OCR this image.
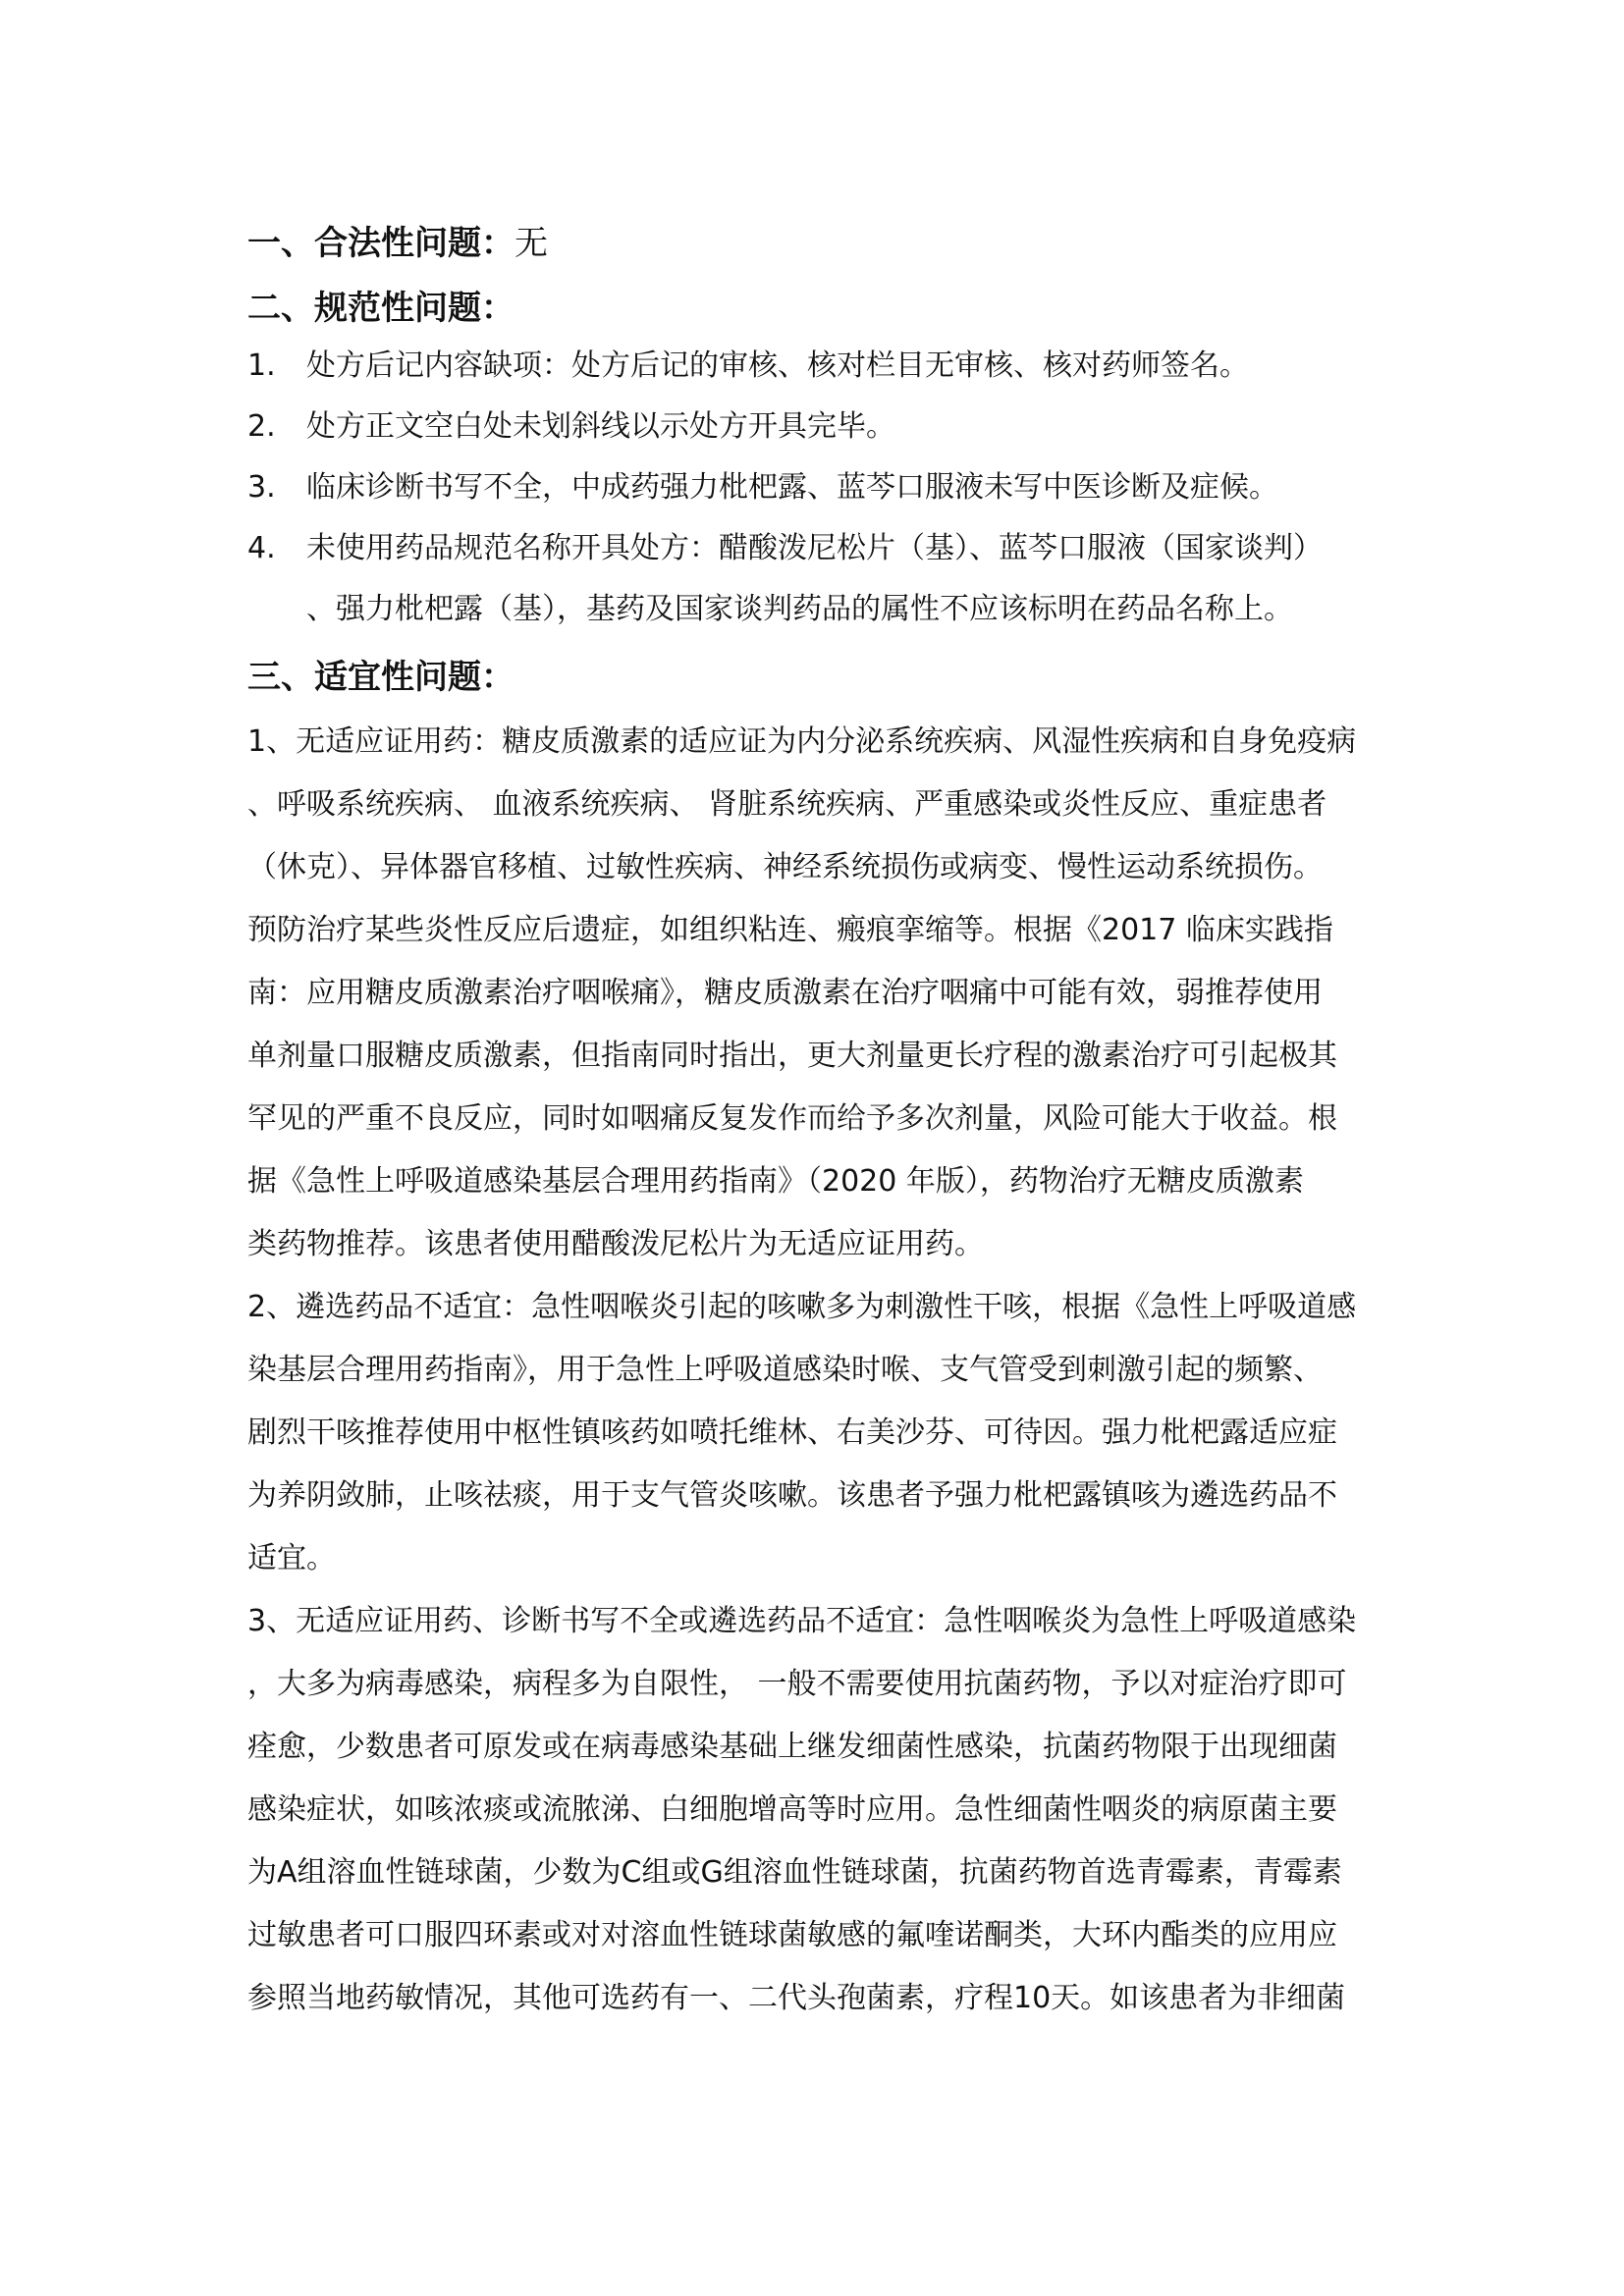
一、合法性问题：无
二、规范性问题：
1. 处方后记内容缺项：处方后记的审核、核对栏目无审核、核对药师签名。
2. 处方正文空白处未划斜线以示处方开具完毕。
3. 临床诊断书写不全，中成药强力枇杷露、蓝芩口服液未写中医诊断及症候。
4. 未使用药品规范名称开具处方：醋酸泼尼松片（基）、蓝芩口服液（国家谈判）
、强力枇杷露（基），基药及国家谈判药品的属性不应该标明在药品名称上。
三、适宜性问题：

1、无适应证用药：糖皮质激素的适应证为内分泌系统疾病、风湿性疾病和自身免疫病
、呼吸系统疾病、 血液系统疾病、 肾脏系统疾病、严重感染或炎性反应、重症患者
（休克）、异体器官移植、过敏性疾病、神经系统损伤或病变、慢性运动系统损伤。
预防治疗某些炎性反应后遗症，如组织粘连、瘢痕挛缩等。根据《2017 临床实践指
南：应用糖皮质激素治疗咽喉痛》，糖皮质激素在治疗咽痛中可能有效，弱推荐使用
单剂量口服糖皮质激素，但指南同时指出，更大剂量更长疗程的激素治疗可引起极其
罕见的严重不良反应，同时如咽痛反复发作而给予多次剂量，风险可能大于收益。根
据《急性上呼吸道感染基层合理用药指南》（2020 年版），药物治疗无糖皮质激素
类药物推荐。该患者使用醋酸泼尼松片为无适应证用药。

2、遴选药品不适宜：急性咽喉炎引起的咳嗽多为刺激性干咳，根据《急性上呼吸道感
染基层合理用药指南》，用于急性上呼吸道感染时喉、支气管受到刺激引起的频繁、
剧烈干咳推荐使用中枢性镇咳药如喷托维林、右美沙芬、可待因。强力枇杷露适应症
为养阴敛肺，止咳祛痰，用于支气管炎咳嗽。该患者予强力枇杷露镇咳为遴选药品不
适宜。

3、无适应证用药、诊断书写不全或遴选药品不适宜：急性咽喉炎为急性上呼吸道感染
，大多为病毒感染，病程多为自限性， 一般不需要使用抗菌药物，予以对症治疗即可
痊愈，少数患者可原发或在病毒感染基础上继发细菌性感染，抗菌药物限于出现细菌
感染症状，如咳浓痰或流脓涕、白细胞增高等时应用。急性细菌性咽炎的病原菌主要
为A组溶血性链球菌，少数为C组或G组溶血性链球菌，抗菌药物首选青霉素，青霉素
过敏患者可口服四环素或对对溶血性链球菌敏感的氟喹诺酮类，大环内酯类的应用应
参照当地药敏情况，其他可选药有一、二代头孢菌素，疗程10天。如该患者为非细菌
